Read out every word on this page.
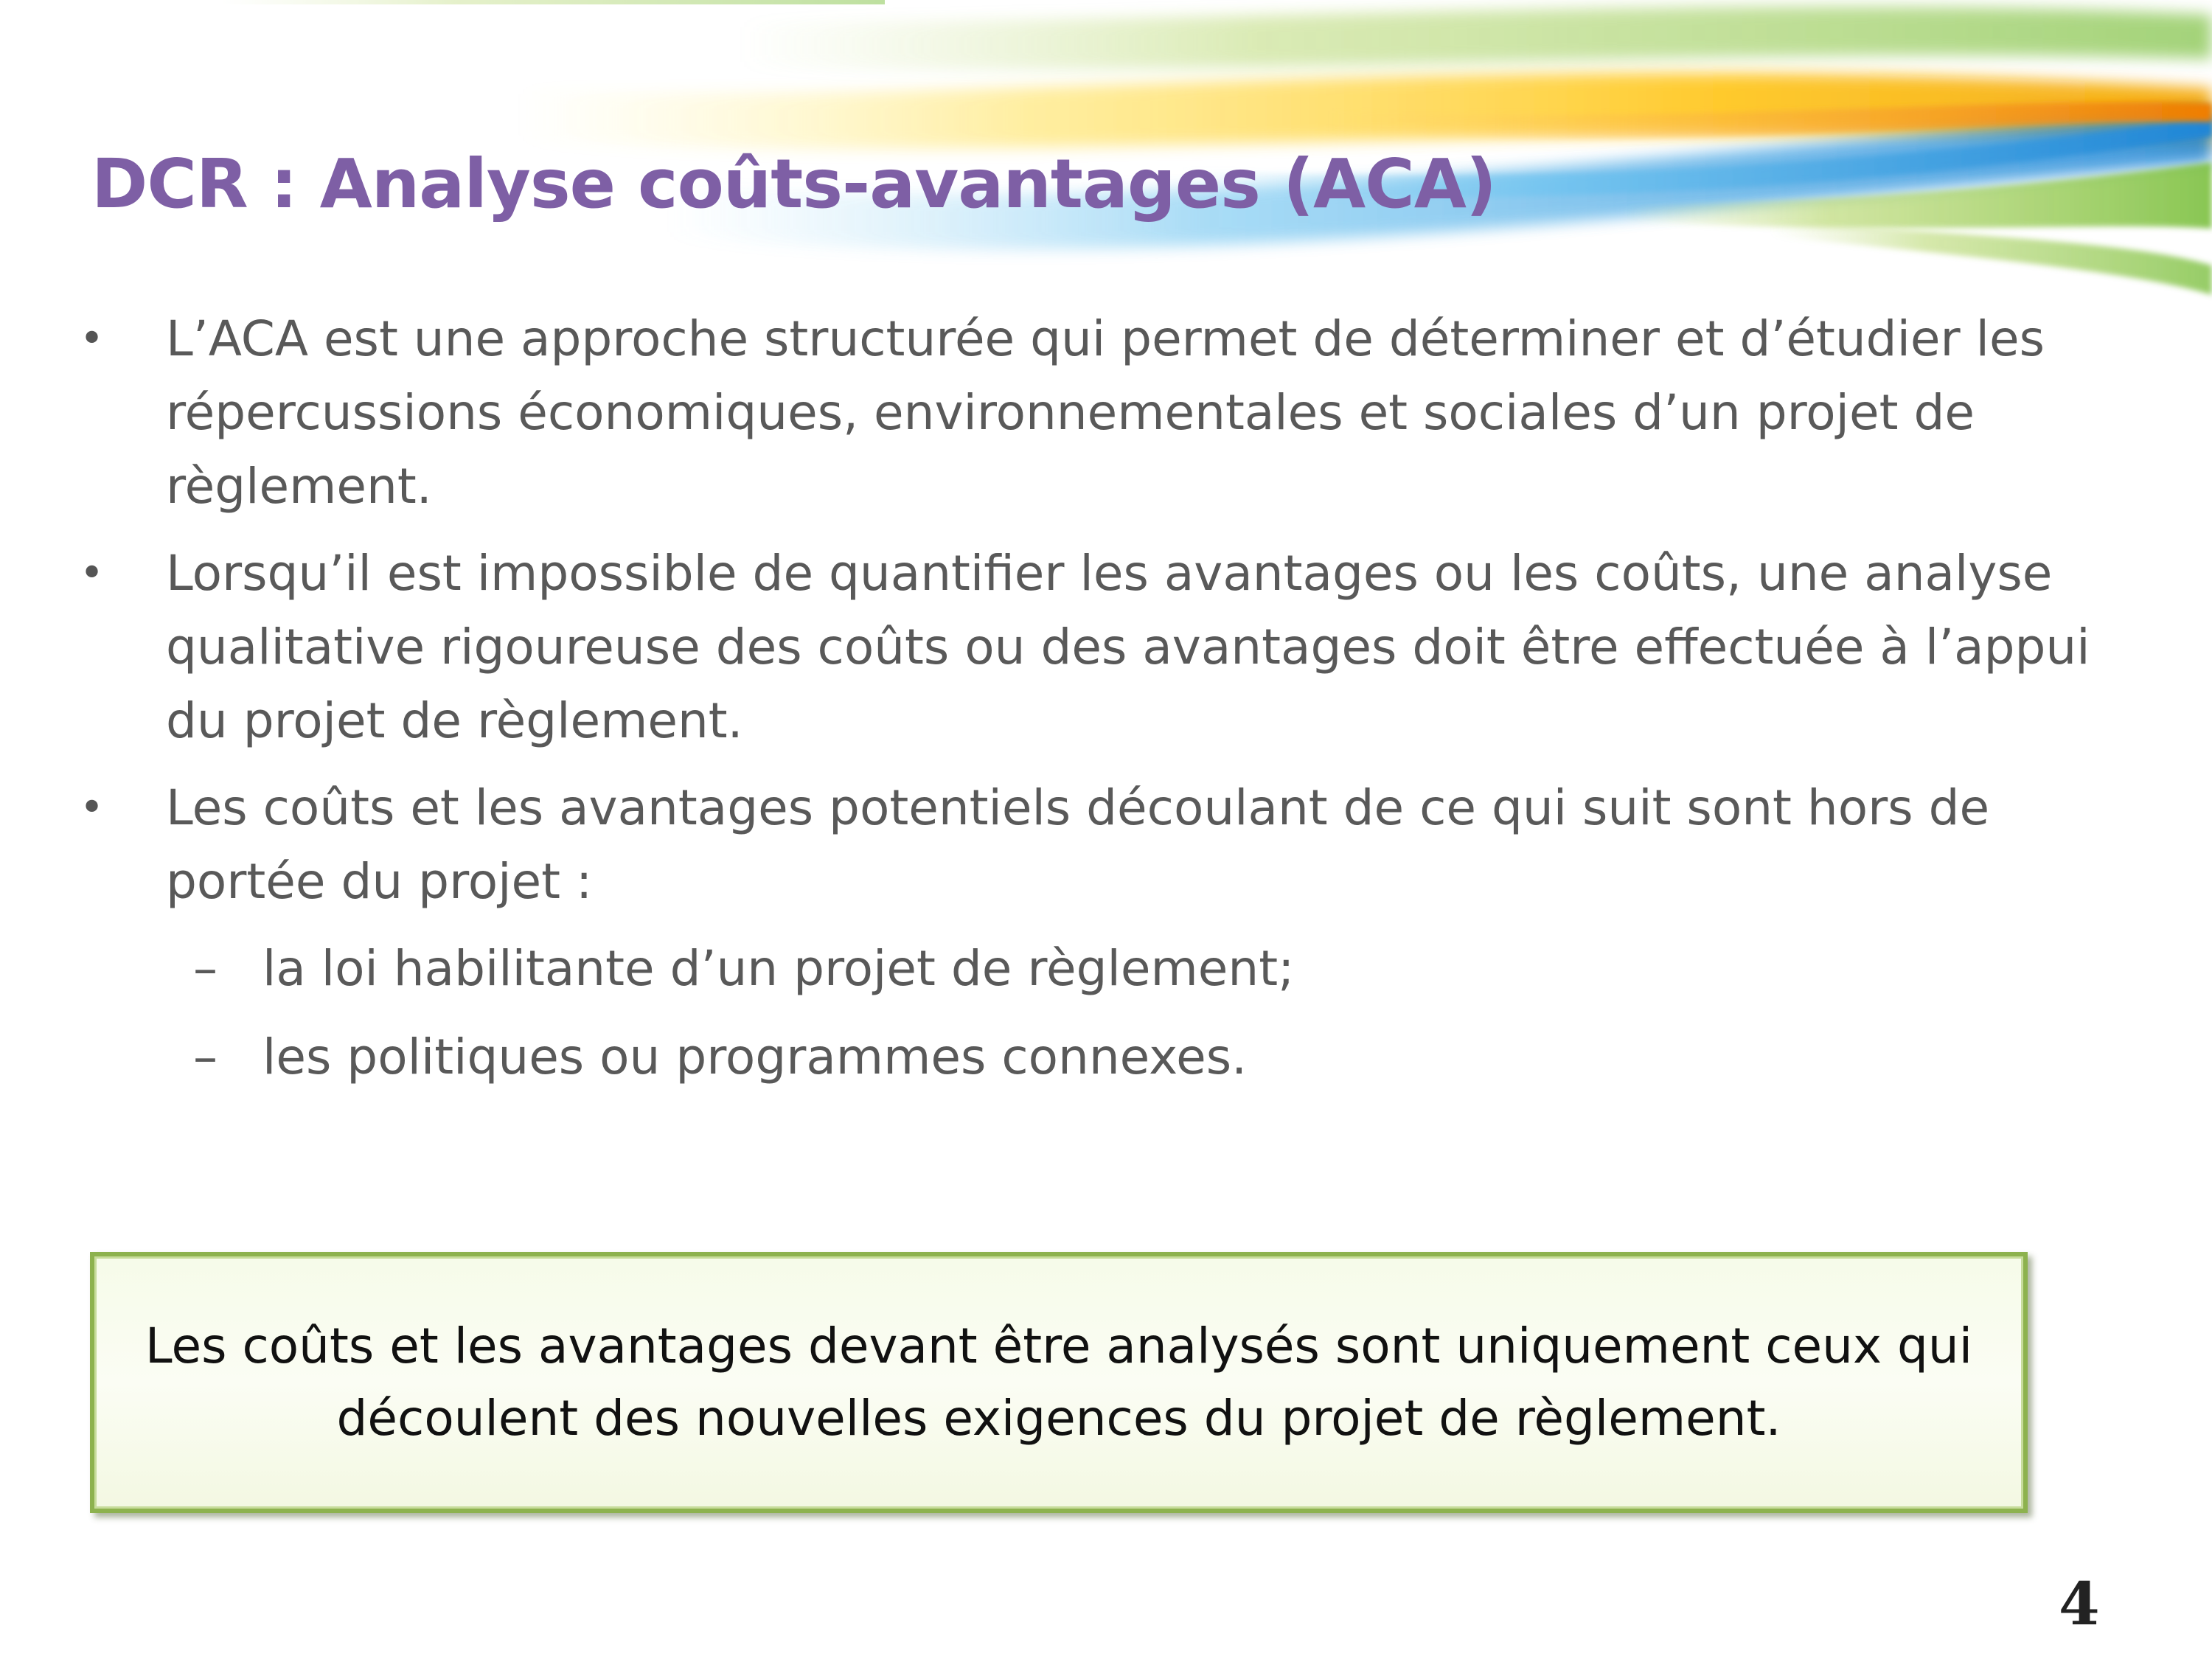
DCR : Analyse coûts-avantages (ACA)
• L’ACA est une approche structurée qui permet de déterminer et d’étudier les répercussions économiques, environnementales et sociales d’un projet de règlement.
• Lorsqu’il est impossible de quantifier les avantages ou les coûts, une analyse qualitative rigoureuse des coûts ou des avantages doit être effectuée à l’appui du projet de règlement.
• Les coûts et les avantages potentiels découlant de ce qui suit sont hors de portée du projet :
– la loi habilitante d’un projet de règlement;
– les politiques ou programmes connexes.
Les coûts et les avantages devant être analysés sont uniquement ceux qui découlent des nouvelles exigences du projet de règlement.
4
